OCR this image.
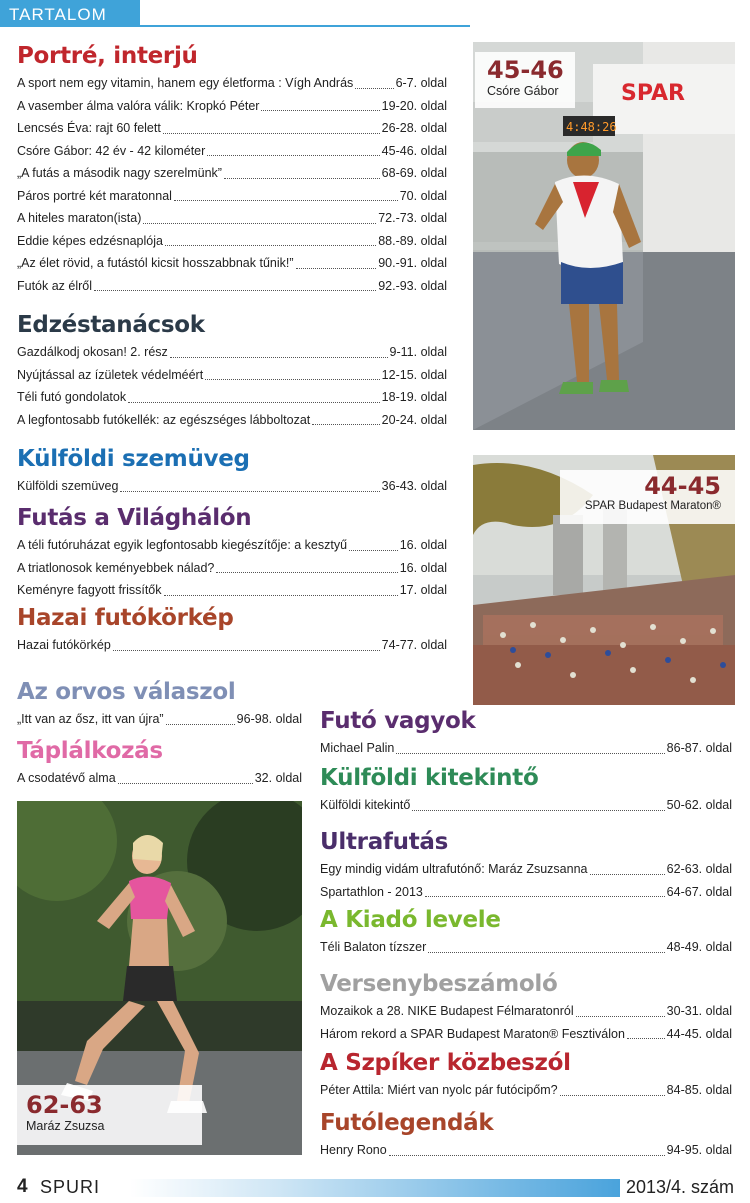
TARTALOM
Portré, interjú
A sport nem egy vitamin, hanem egy életforma : Vígh András	6-7. oldal
A vasember álma valóra válik: Kropkó Péter	19-20. oldal
Lencsés Éva: rajt 60 felett	26-28. oldal
Csóre Gábor: 42 év - 42 kilométer	45-46. oldal
„A futás a második nagy szerelmünk”	68-69. oldal
Páros portré két maratonnal	70. oldal
A hiteles maraton(ista)	72.-73. oldal
Eddie képes edzésnaplója	88.-89. oldal
„Az élet rövid, a futástól kicsit hosszabbnak tűnik!”	90.-91. oldal
Futók az élről	92.-93. oldal
Edzéstanácsok
Gazdálkodj okosan! 2. rész	9-11. oldal
Nyújtással az ízületek védelméért	12-15. oldal
Téli futó gondolatok	18-19. oldal
A legfontosabb futókellék: az egészséges lábboltozat	20-24. oldal
Külföldi szemüveg
Külföldi szemüveg	36-43. oldal
Futás a Világhálón
A téli futóruházat egyik legfontosabb kiegészítője: a kesztyű	16. oldal
A triatlonosok keményebbek nálad?	16. oldal
Keményre fagyott frissítők	17. oldal
Hazai futókörkép
Hazai futókörkép	74-77. oldal
Az orvos válaszol
„Itt van az ősz, itt van újra”	96-98. oldal
Táplálkozás
A csodatévő alma	32. oldal
Futó vagyok
Michael Palin	86-87. oldal
Külföldi kitekintő
Külföldi kitekintő	50-62. oldal
Ultrafutás
Egy mindig vidám ultrafutónő: Maráz Zsuzsanna	62-63. oldal
Spartathlon - 2013	64-67. oldal
A Kiadó levele
Téli Balaton tízszer	48-49. oldal
Versenybeszámoló
Mozaikok a 28. NIKE Budapest Félmaratonról	30-31. oldal
Három rekord a SPAR Budapest Maraton® Fesztiválon	44-45. oldal
A Szpíker közbeszól
Péter Attila: Miért van nyolc pár futócipőm?	84-85. oldal
Futólegendák
Henry Rono	94-95. oldal
SPAR
4:48:26
45-46
Csóre Gábor
44-45
SPAR Budapest Maraton®
62-63
Maráz Zsuzsa
4 SPURI	2013/4. szám
